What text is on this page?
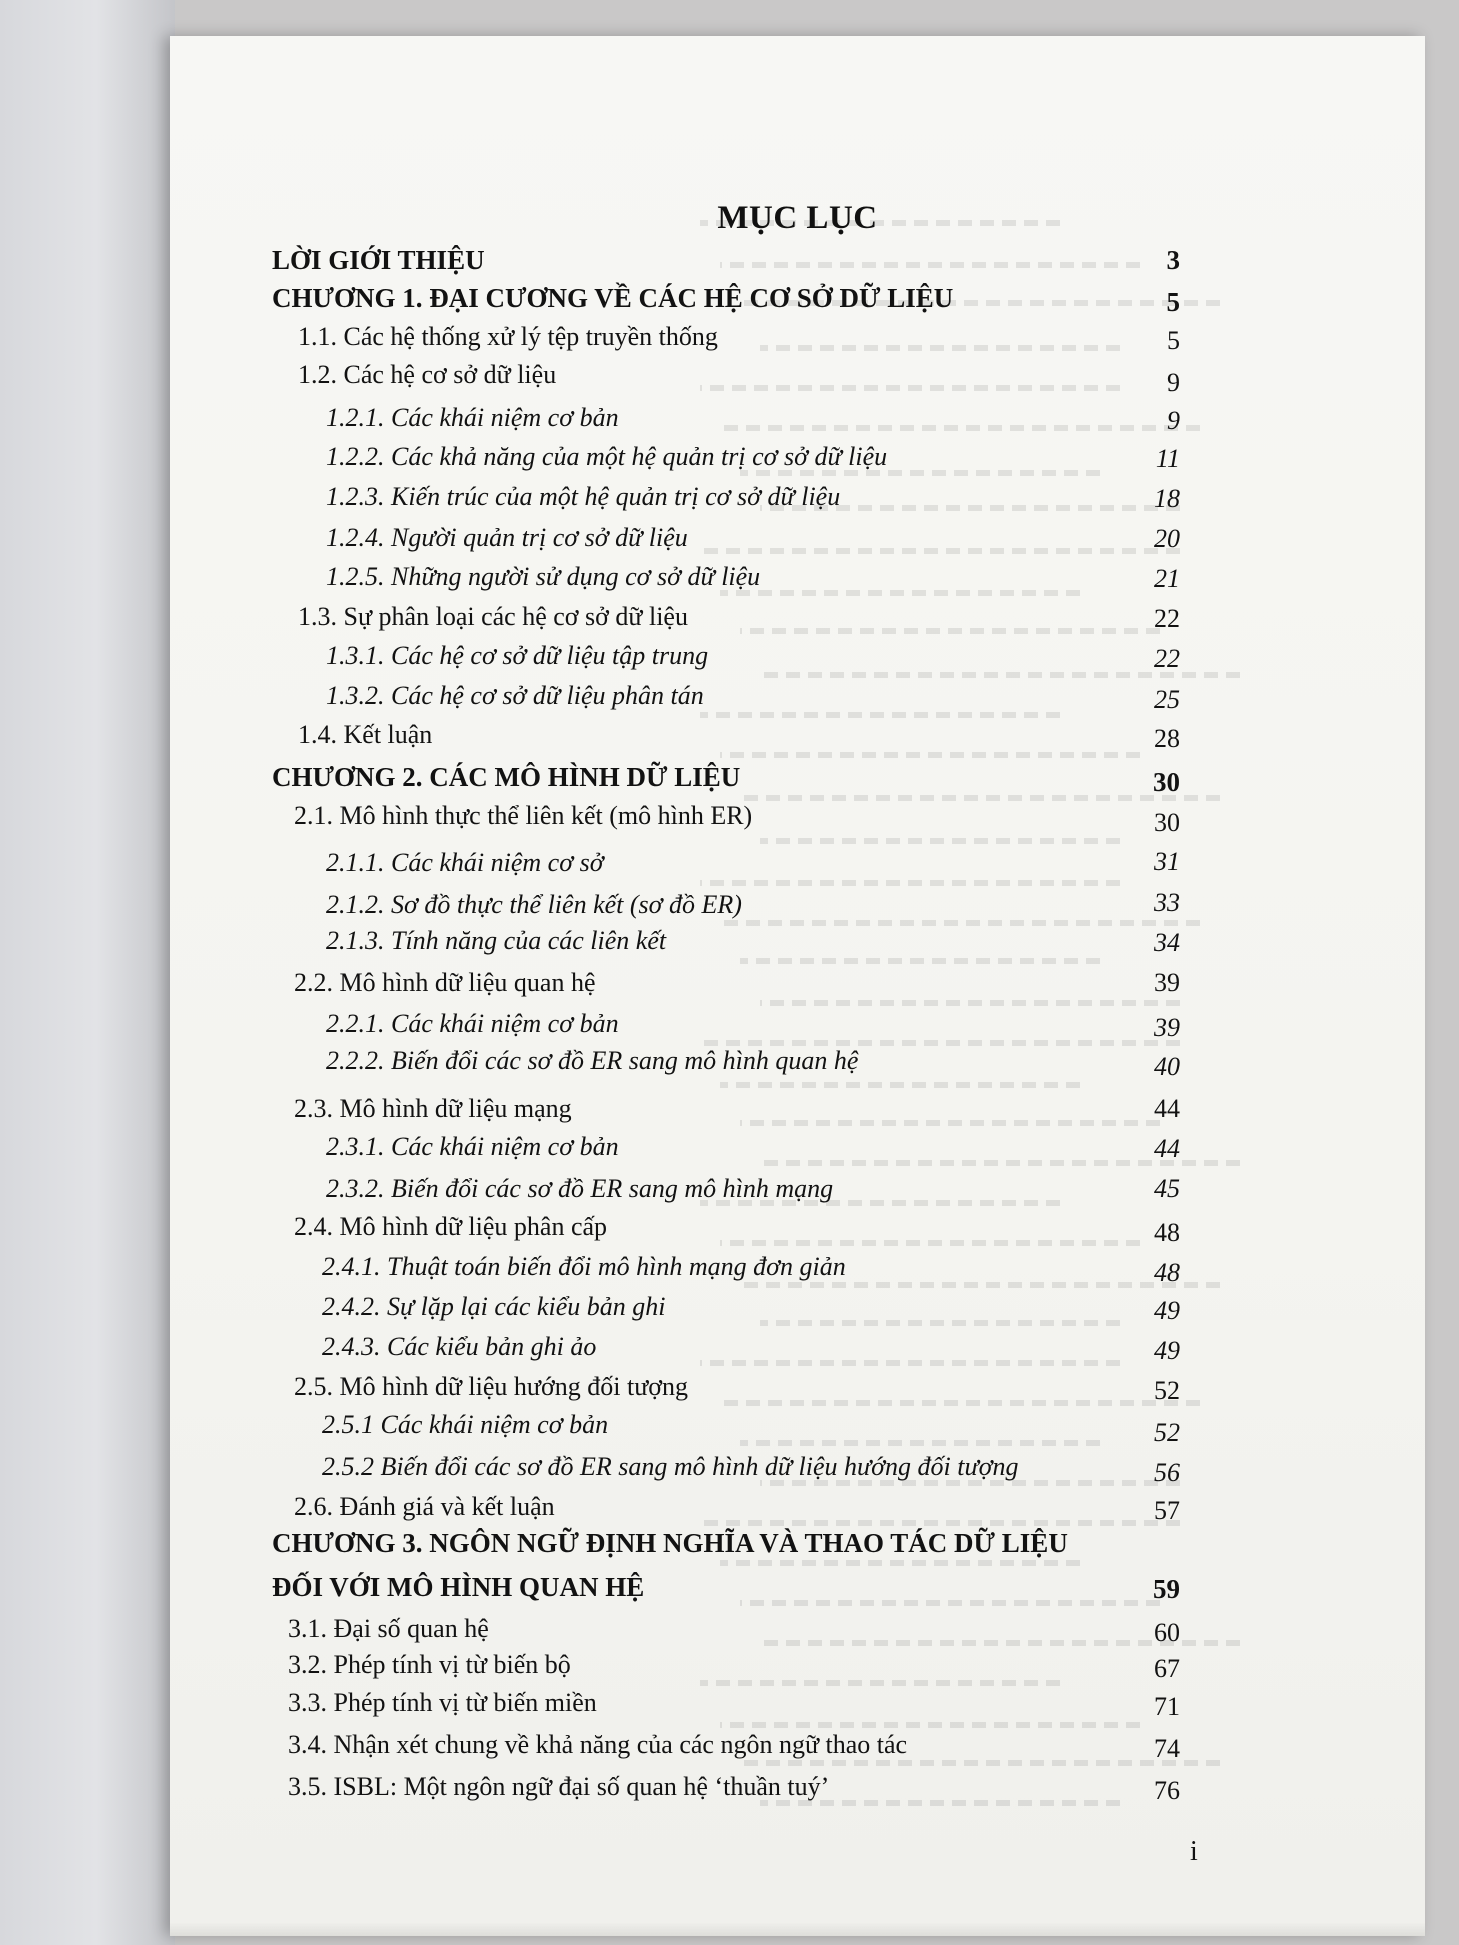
MỤC LỤC
LỜI GIỚI THIỆU	3
CHƯƠNG 1. ĐẠI CƯƠNG VỀ CÁC HỆ CƠ SỞ DỮ LIỆU	5
1.1. Các hệ thống xử lý tệp truyền thống	5
1.2. Các hệ cơ sở dữ liệu	9
1.2.1. Các khái niệm cơ bản	9
1.2.2. Các khả năng của một hệ quản trị cơ sở dữ liệu	11
1.2.3. Kiến trúc của một hệ quản trị cơ sở dữ liệu	18
1.2.4. Người quản trị cơ sở dữ liệu	20
1.2.5. Những người sử dụng cơ sở dữ liệu	21
1.3. Sự phân loại các hệ cơ sở dữ liệu	22
1.3.1. Các hệ cơ sở dữ liệu tập trung	22
1.3.2. Các hệ cơ sở dữ liệu phân tán	25
1.4. Kết luận	28
CHƯƠNG 2. CÁC MÔ HÌNH DỮ LIỆU	30
2.1. Mô hình thực thể liên kết (mô hình ER)	30
2.1.1. Các khái niệm cơ sở	31
2.1.2. Sơ đồ thực thể liên kết (sơ đồ ER)	33
2.1.3. Tính năng của các liên kết	34
2.2. Mô hình dữ liệu quan hệ	39
2.2.1. Các khái niệm cơ bản	39
2.2.2. Biến đổi các sơ đồ ER sang mô hình quan hệ	40
2.3. Mô hình dữ liệu mạng	44
2.3.1. Các khái niệm cơ bản	44
2.3.2. Biến đổi các sơ đồ ER sang mô hình mạng	45
2.4. Mô hình dữ liệu phân cấp	48
2.4.1. Thuật toán biến đổi mô hình mạng đơn giản	48
2.4.2. Sự lặp lại các kiểu bản ghi	49
2.4.3. Các kiểu bản ghi ảo	49
2.5. Mô hình dữ liệu hướng đối tượng	52
2.5.1 Các khái niệm cơ bản	52
2.5.2 Biến đổi các sơ đồ ER sang mô hình dữ liệu hướng đối tượng	56
2.6. Đánh giá và kết luận	57
CHƯƠNG 3. NGÔN NGỮ ĐỊNH NGHĨA VÀ THAO TÁC DỮ LIỆU
ĐỐI VỚI MÔ HÌNH QUAN HỆ	59
3.1. Đại số quan hệ	60
3.2. Phép tính vị từ biến bộ	67
3.3. Phép tính vị từ biến miền	71
3.4. Nhận xét chung về khả năng của các ngôn ngữ thao tác	74
3.5. ISBL: Một ngôn ngữ đại số quan hệ ‘thuần tuý’	76
i
